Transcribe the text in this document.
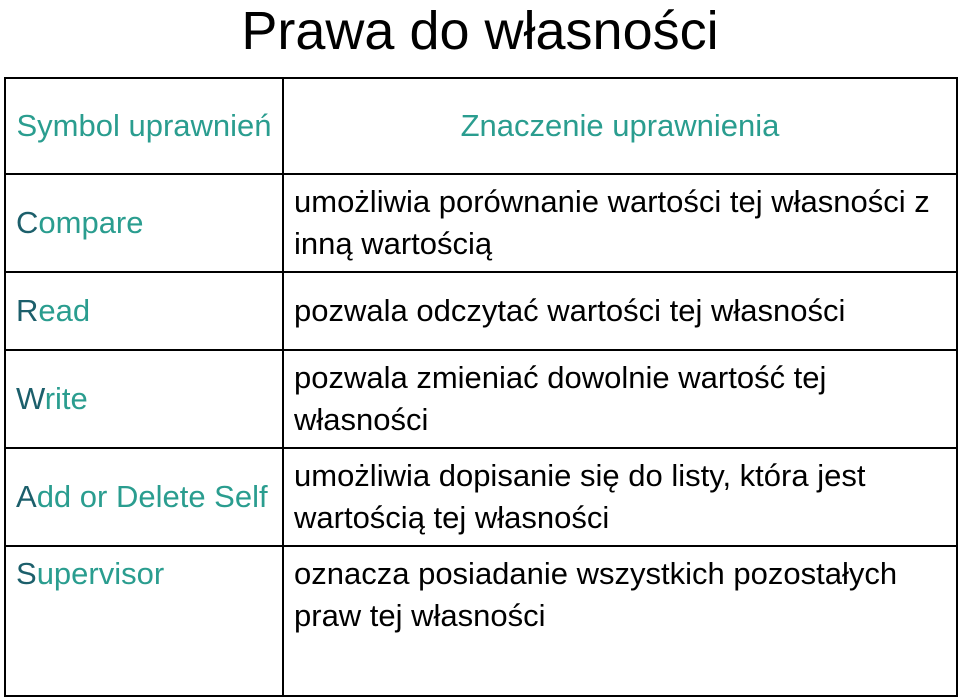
Prawa do własności
Symbol uprawnień	Znaczenie uprawnienia
Compare	umożliwia porównanie wartości tej własności z inną wartością
Read	pozwala odczytać wartości tej własności
Write	pozwala zmieniać dowolnie wartość tej własności
Add or Delete Self	umożliwia dopisanie się do listy, która jest wartością tej własności
Supervisor	oznacza posiadanie wszystkich pozostałych praw tej własności
